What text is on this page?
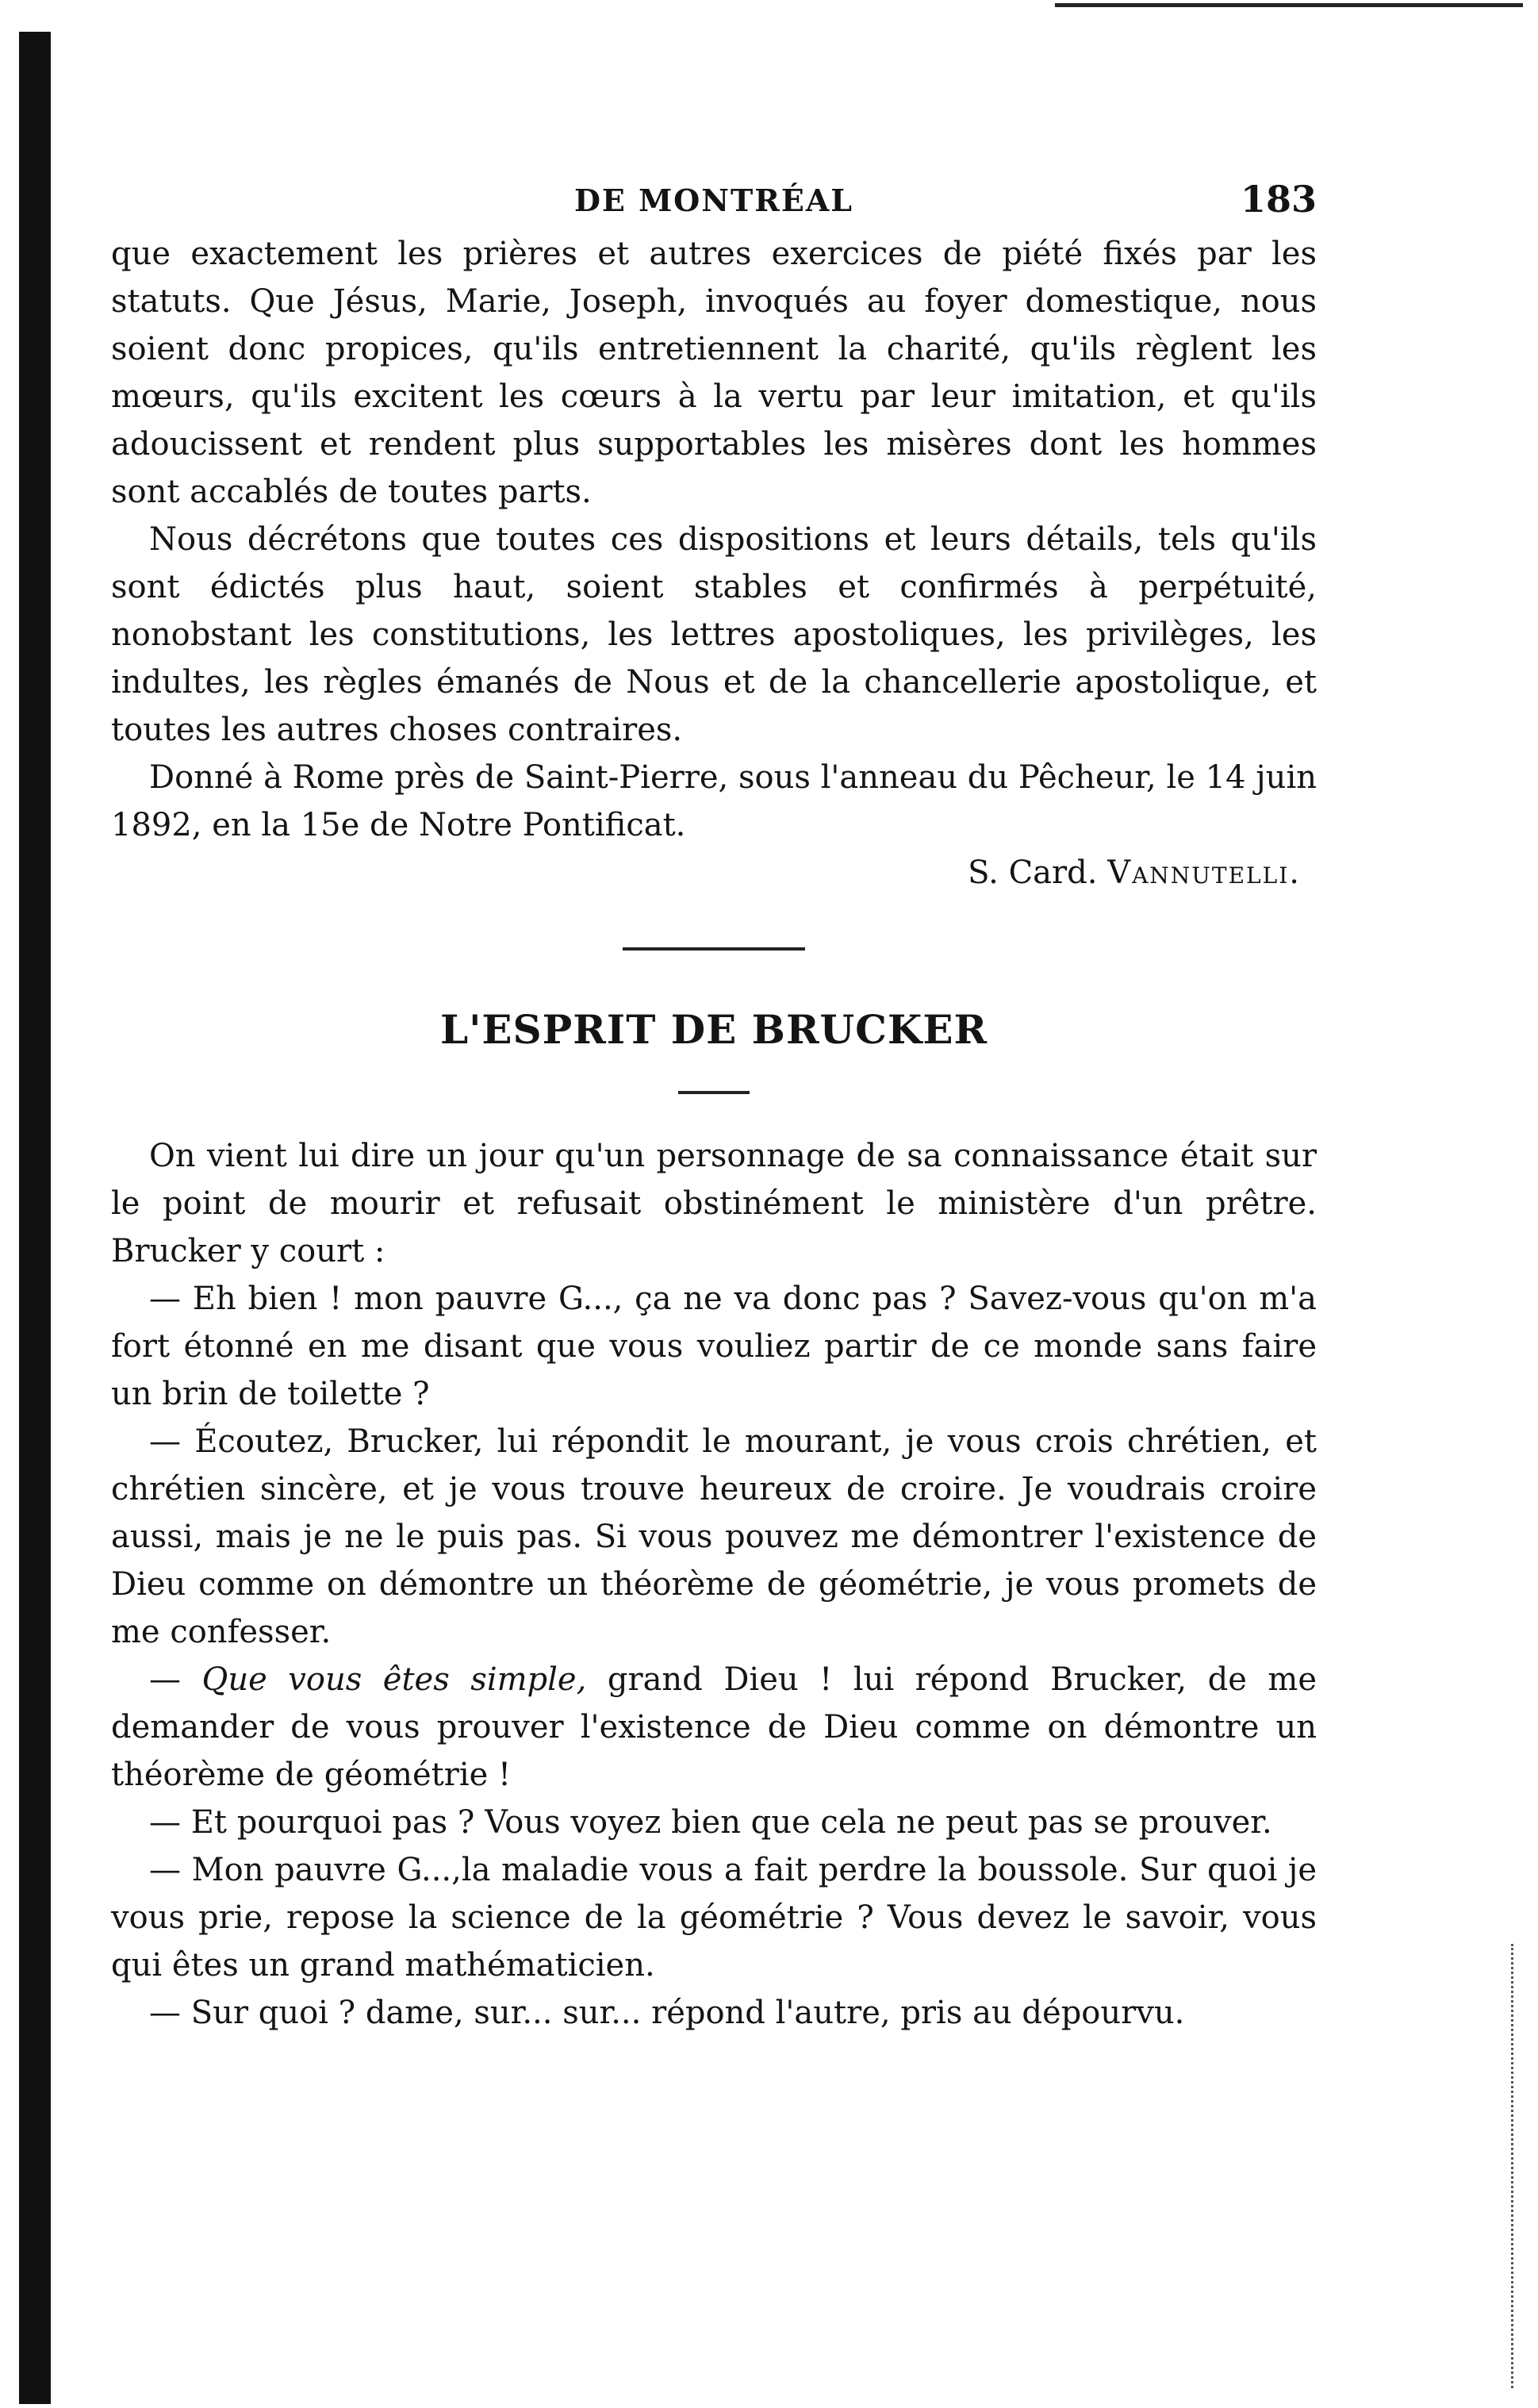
DE MONTRÉAL	183

que exactement les prières et autres exercices de piété fixés par les statuts. Que Jésus, Marie, Joseph, invoqués au foyer domestique, nous soient donc propices, qu'ils entretiennent la charité, qu'ils règlent les mœurs, qu'ils excitent les cœurs à la vertu par leur imitation, et qu'ils adoucissent et rendent plus supportables les misères dont les hommes sont accablés de toutes parts.

Nous décrétons que toutes ces dispositions et leurs détails, tels qu'ils sont édictés plus haut, soient stables et confirmés à perpétuité, nonobstant les constitutions, les lettres apostoliques, les privilèges, les indultes, les règles émanés de Nous et de la chancellerie apostolique, et toutes les autres choses contraires.

Donné à Rome près de Saint-Pierre, sous l'anneau du Pêcheur, le 14 juin 1892, en la 15e de Notre Pontificat.

S. Card. Vannutelli.
L'ESPRIT DE BRUCKER

On vient lui dire un jour qu'un personnage de sa connaissance était sur le point de mourir et refusait obstinément le ministère d'un prêtre. Brucker y court :

— Eh bien ! mon pauvre G..., ça ne va donc pas ? Savez-vous qu'on m'a fort étonné en me disant que vous vouliez partir de ce monde sans faire un brin de toilette ?

— Écoutez, Brucker, lui répondit le mourant, je vous crois chrétien, et chrétien sincère, et je vous trouve heureux de croire. Je voudrais croire aussi, mais je ne le puis pas. Si vous pouvez me démontrer l'existence de Dieu comme on démontre un théorème de géométrie, je vous promets de me confesser.

— Que vous êtes simple, grand Dieu ! lui répond Brucker, de me demander de vous prouver l'existence de Dieu comme on démontre un théorème de géométrie !

— Et pourquoi pas ? Vous voyez bien que cela ne peut pas se prouver.

— Mon pauvre G...,la maladie vous a fait perdre la boussole. Sur quoi je vous prie, repose la science de la géométrie ? Vous devez le savoir, vous qui êtes un grand mathématicien.

— Sur quoi ? dame, sur... sur... répond l'autre, pris au dépourvu.
